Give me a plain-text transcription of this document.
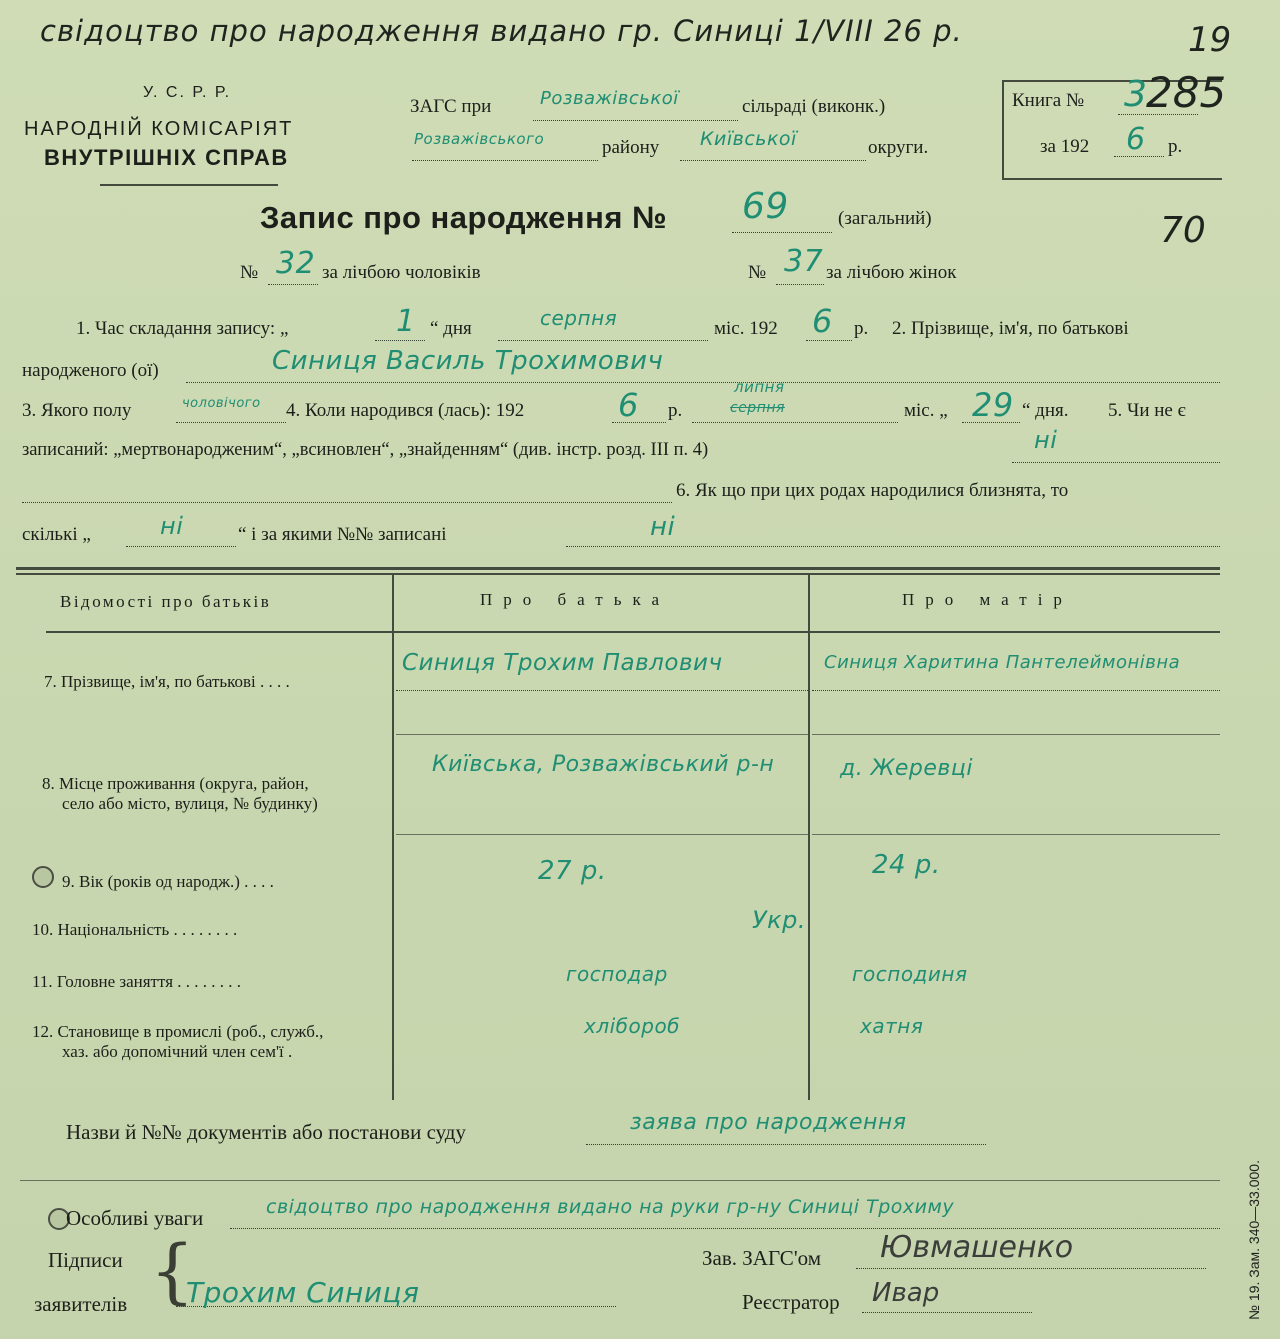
свідоцтво про народження видано гр. Синиці 1/VIII 26 р.	19
У. С. Р. Р.
НАРОДНІЙ КОМІСАРІЯТ
ВНУТРІШНІХ СПРАВ
ЗАГС при	Розважівської	сільраді (виконк.)
Розважівського	району Київської	округи.
Книга № 3
285
за 192 6 р.
Запис про народження № 69	(загальний)	70
№ 32 за лічбою чоловіків	№ 37 за лічбою жінок
1. Час складання запису: „	1 “ дня	серпня	міс. 192 6 р. 2. Прізвище, ім'я, по батькові
народженого (ої)	Синиця Василь Трохимович
3. Якого полу	чоловічого 4. Коли народився (лась): 192	6 р.
липня
серпня	міс. „ 29 “ дня. 5. Чи не є
записаний: „мертвонародженим“, „всиновлен“, „знайденням“ (див. інстр. розд. III п. 4)	ні
6. Як що при цих родах народилися близнята, то
скількі „	ні	“ і за якими №№ записані	ні
Відомості про батьків	Про батька	Про матір
7. Прізвище, ім'я, по батькові . . . .
Синиця Трохим Павлович	Синиця Харитина Пантелеймонівна
8. Місце проживання (округа, район,
село або місто, вулиця, № будинку)
Київська, Розважівський р-н	д. Жеревці
9. Вік (років од народж.) . . . .	27 р.	24 р.
10. Національність . . . . . . . .	Укр.
11. Головне заняття . . . . . . . .	господар	господиня
12. Становище в промислі (роб., служб.,
хаз. або допомічний член сем'ї .
хлібороб	хатня
Назви й №№ документів або постанови суду	заява про народження
Особливі уваги	свідоцтво про народження видано на руки гр-ну Синиці Трохиму
Підписи
заявителів {
Трохим Синиця
Зав. ЗАГС'ом Ювмашенко
Реєстратор Ивар	№ 19. Зам. 340—33.000.
